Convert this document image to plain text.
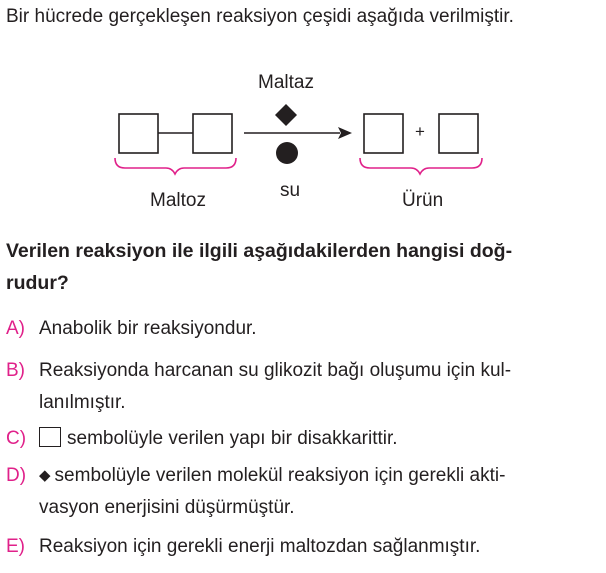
Bir hücrede gerçekleşen reaksiyon çeşidi aşağıda verilmiştir.
Maltaz
+
Maltoz	su	Ürün
Verilen reaksiyon ile ilgili aşağıdakilerden hangisi doğ-
rudur?
A) Anabolik bir reaksiyondur.
B) Reaksiyonda harcanan su glikozit bağı oluşumu için kul-
lanılmıştır.
C) sembolüyle verilen yapı bir disakkarittir.
D) ◆ sembolüyle verilen molekül reaksiyon için gerekli akti-
vasyon enerjisini düşürmüştür.
E) Reaksiyon için gerekli enerji maltozdan sağlanmıştır.
